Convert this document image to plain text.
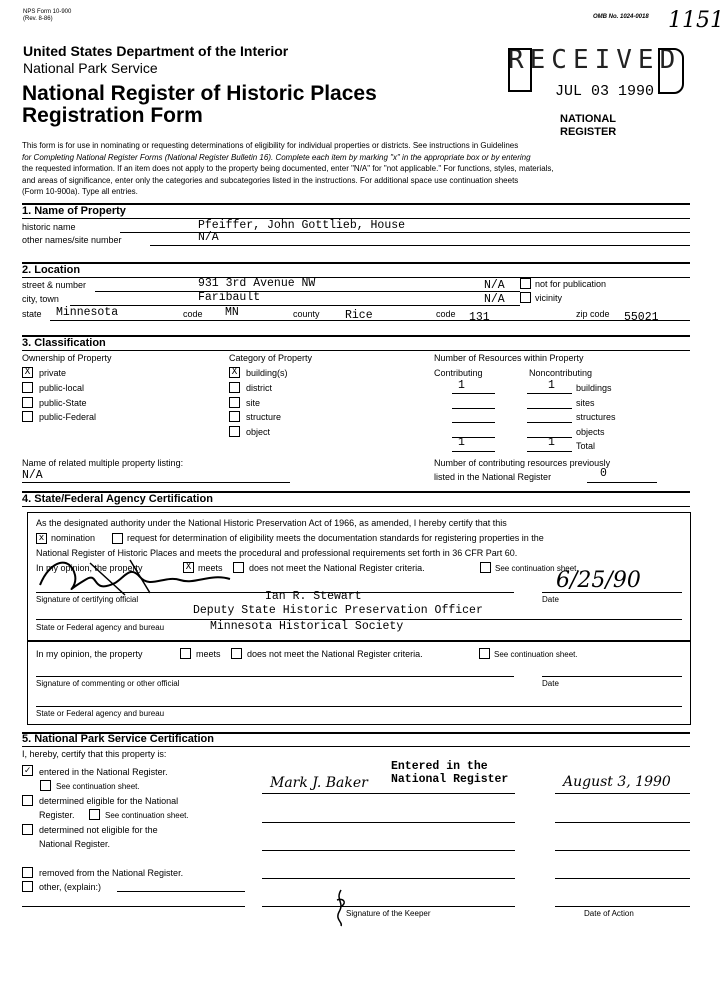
NPS Form 10-900
(Rev. 8-86)	OMB No. 1024-0018 1151
United States Department of the Interior
National Park Service
National Register of Historic Places
Registration Form
RECEIVED
JUL 03 1990
NATIONAL
REGISTER
This form is for use in nominating or requesting determinations of eligibility for individual properties or districts. See instructions in Guidelines
for Completing National Register Forms (National Register Bulletin 16). Complete each item by marking "x" in the appropriate box or by entering
the requested information. If an item does not apply to the property being documented, enter "N/A" for "not applicable." For functions, styles, materials,
and areas of significance, enter only the categories and subcategories listed in the instructions. For additional space use continuation sheets
(Form 10-900a). Type all entries.
1. Name of Property
historic name	Pfeiffer, John Gottlieb, House
other names/site number	N/A
2. Location
street & number	931 3rd Avenue NW	N/A	not for publication
city, town	Faribault	N/A	vicinity
state Minnesota	code MN	county Rice	code 131	zip code 55021
3. Classification
Ownership of Property
X private
public-local
public-State
public-Federal
Category of Property
X building(s)
district
site
structure
object
Number of Resources within Property
Contributing	Noncontributing
1	1 buildings
sites
structures
objects
1	1 Total
Name of related multiple property listing:
N/A
Number of contributing resources previously
listed in the National Register	0
4. State/Federal Agency Certification
As the designated authority under the National Historic Preservation Act of 1966, as amended, I hereby certify that this
x nomination	request for determination of eligibility meets the documentation standards for registering properties in the
National Register of Historic Places and meets the procedural and professional requirements set forth in 36 CFR Part 60.
In my opinion, the property	X meets	does not meet the National Register criteria.	See continuation sheet.
6/25/90
Signature of certifying official	Date
Ian R. Stewart
Deputy State Historic Preservation Officer
State or Federal agency and bureau	Minnesota Historical Society
In my opinion, the property	meets	does not meet the National Register criteria.	See continuation sheet.
Signature of commenting or other official	Date
State or Federal agency and bureau
5. National Park Service Certification
I, hereby, certify that this property is:
✓ entered in the National Register.
See continuation sheet.
determined eligible for the National
Register.	See continuation sheet.
determined not eligible for the
National Register.
removed from the National Register.
other, (explain:)
Entered in the
National Register
Mark J. Baker	August 3, 1990
Signature of the Keeper	Date of Action
